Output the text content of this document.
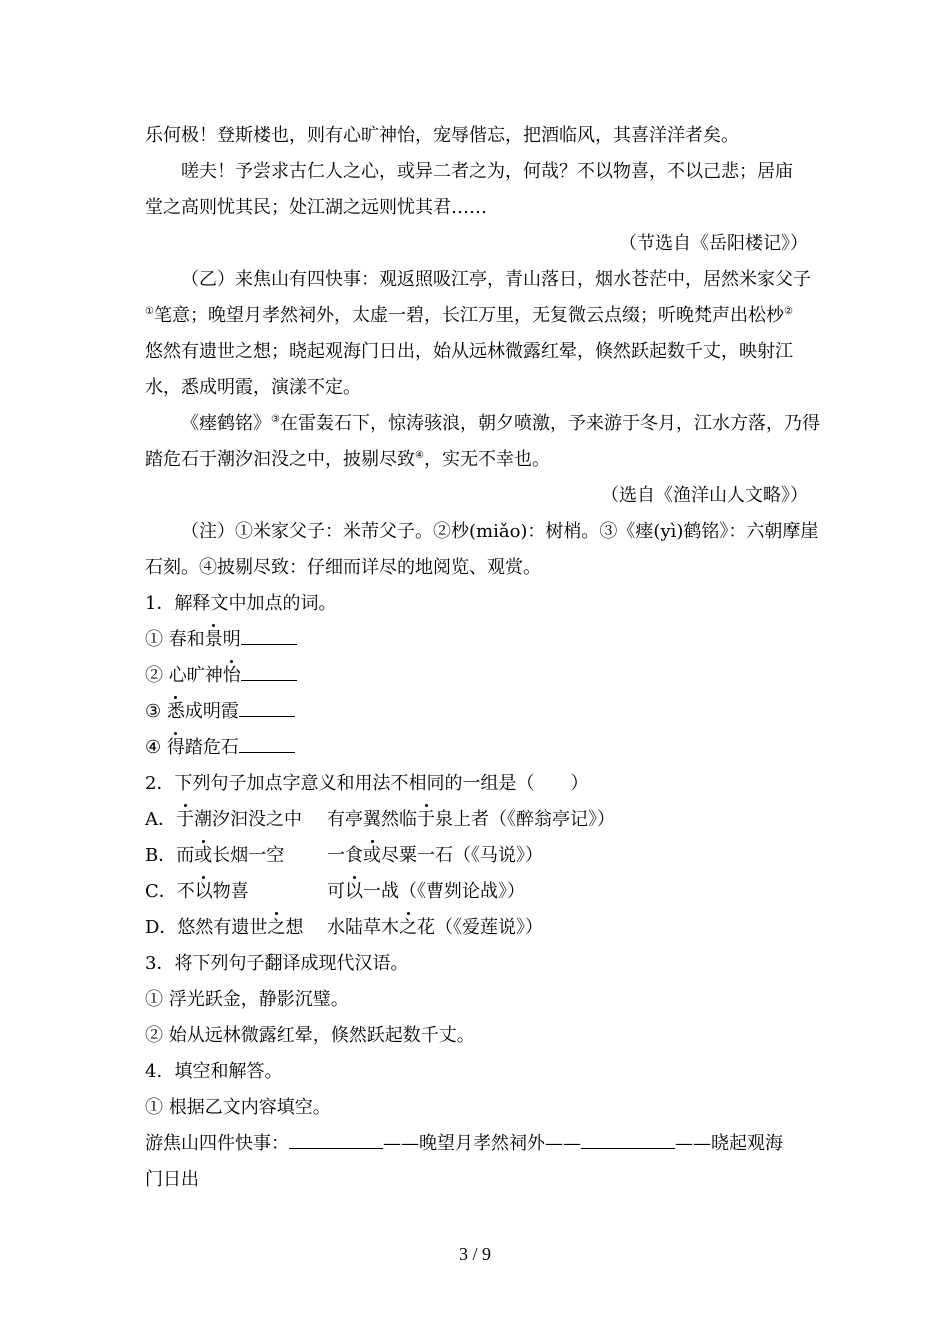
乐何极！登斯楼也，则有心旷神怡，宠辱偕忘，把酒临风，其喜洋洋者矣。
嗟夫！予尝求古仁人之心，或异二者之为，何哉？不以物喜，不以己悲；居庙
堂之高则忧其民；处江湖之远则忧其君……
（节选自《岳阳楼记》）
（乙）来焦山有四快事：观返照吸江亭，青山落日，烟水苍茫中，居然米家父子
①笔意；晚望月孝然祠外，太虚一碧，长江万里，无复微云点缀；听晚梵声出松杪②
悠然有遗世之想；晓起观海门日出，始从远林微露红晕，倏然跃起数千丈，映射江
水，悉成明霞，演漾不定。
《瘗鹤铭》③在雷轰石下，惊涛骇浪，朝夕喷激，予来游于冬月，江水方落，乃得
踏危石于潮汐汩没之中，披剔尽致④，实无不幸也。
（选自《渔洋山人文略》）
（注）①米家父子：米芾父子。②杪(miǎo)：树梢。③《瘗(yì)鹤铭》：六朝摩崖
石刻。④披剔尽致：仔细而详尽的地阅览、观赏。
1．解释文中加点的词。
① 春和景明
② 心旷神怡
③ 悉成明霞
④ 得踏危石
2．下列句子加点字意义和用法不相同的一组是（　　）
A．于潮汐汩没之中 有亭翼然临于泉上者（《醉翁亭记》）
B．而或长烟一空 一食或尽粟一石（《马说》）
C．不以物喜	可以一战（《曹刿论战》）
D．悠然有遗世之想 水陆草木之花（《爱莲说》）
3．将下列句子翻译成现代汉语。
① 浮光跃金，静影沉璧。
② 始从远林微露红晕，倏然跃起数千丈。
4．填空和解答。
① 根据乙文内容填空。
游焦山四件快事：	——晚望月孝然祠外——	——晓起观海
门日出
3 / 9
